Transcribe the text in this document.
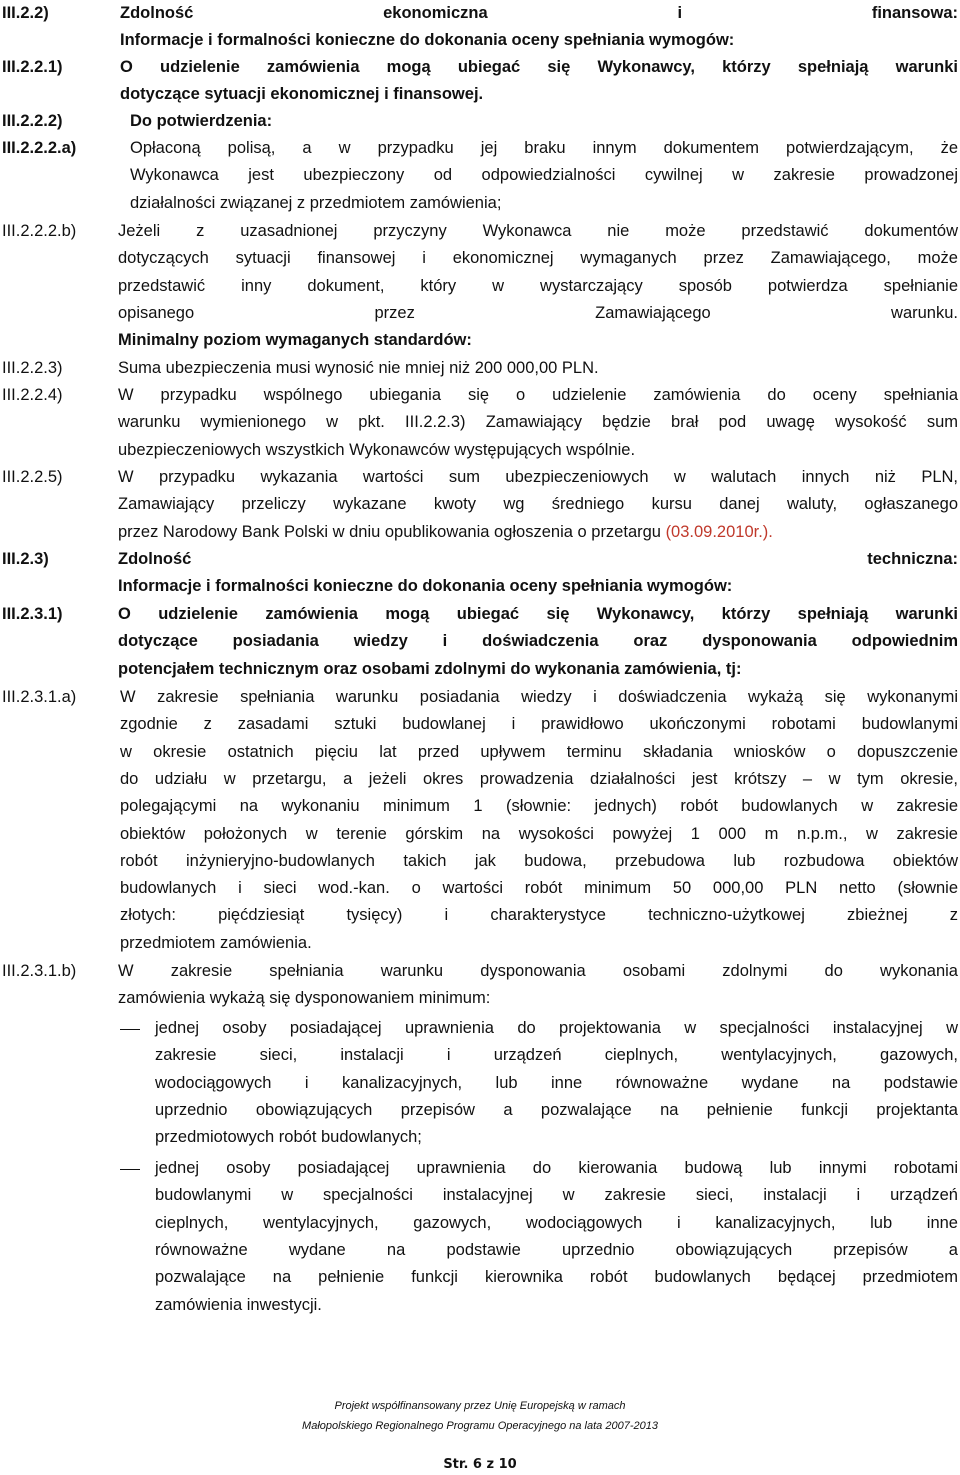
III.2.2)	Zdolność ekonomiczna i finansowa:
Informacje i formalności konieczne do dokonania oceny spełniania wymogów:
III.2.2.1)	O udzielenie zamówienia mogą ubiegać się Wykonawcy, którzy spełniają warunki
dotyczące sytuacji ekonomicznej i finansowej.
III.2.2.2)	Do potwierdzenia:
III.2.2.2.a)	Opłaconą polisą, a w przypadku jej braku innym dokumentem potwierdzającym, że
Wykonawca jest ubezpieczony od odpowiedzialności cywilnej w zakresie prowadzonej
działalności związanej z przedmiotem zamówienia;
III.2.2.2.b)	Jeżeli z uzasadnionej przyczyny Wykonawca nie może przedstawić dokumentów
dotyczących sytuacji finansowej i ekonomicznej wymaganych przez Zamawiającego, może
przedstawić inny dokument, który w wystarczający sposób potwierdza spełnianie
opisanego przez Zamawiającego warunku.
Minimalny poziom wymaganych standardów:
III.2.2.3)	Suma ubezpieczenia musi wynosić nie mniej niż 200 000,00 PLN.
III.2.2.4)	W przypadku wspólnego ubiegania się o udzielenie zamówienia do oceny spełniania
warunku wymienionego w pkt. III.2.2.3) Zamawiający będzie brał pod uwagę wysokość sum
ubezpieczeniowych wszystkich Wykonawców występujących wspólnie.
III.2.2.5)	W przypadku wykazania wartości sum ubezpieczeniowych w walutach innych niż PLN,
Zamawiający przeliczy wykazane kwoty wg średniego kursu danej waluty, ogłaszanego
przez Narodowy Bank Polski w dniu opublikowania ogłoszenia o przetargu (03.09.2010r.).
III.2.3)	Zdolność techniczna:
Informacje i formalności konieczne do dokonania oceny spełniania wymogów:
III.2.3.1)	O udzielenie zamówienia mogą ubiegać się Wykonawcy, którzy spełniają warunki
dotyczące posiadania wiedzy i doświadczenia oraz dysponowania odpowiednim
potencjałem technicznym oraz osobami zdolnymi do wykonania zamówienia, tj:
III.2.3.1.a)	W zakresie spełniania warunku posiadania wiedzy i doświadczenia wykażą się wykonanymi
zgodnie z zasadami sztuki budowlanej i prawidłowo ukończonymi robotami budowlanymi
w okresie ostatnich pięciu lat przed upływem terminu składania wniosków o dopuszczenie
do udziału w przetargu, a jeżeli okres prowadzenia działalności jest krótszy – w tym okresie,
polegającymi na wykonaniu minimum 1 (słownie: jednych) robót budowlanych w zakresie
obiektów położonych w terenie górskim na wysokości powyżej 1 000 m n.p.m., w zakresie
robót inżynieryjno-budowlanych takich jak budowa, przebudowa lub rozbudowa obiektów
budowlanych i sieci wod.-kan. o wartości robót minimum 50 000,00 PLN netto (słownie
złotych: pięćdziesiąt tysięcy) i charakterystyce techniczno-użytkowej zbieżnej z
przedmiotem zamówienia.
III.2.3.1.b)	W zakresie spełniania warunku dysponowania osobami zdolnymi do wykonania
zamówienia wykażą się dysponowaniem minimum:
jednej osoby posiadającej uprawnienia do projektowania w specjalności instalacyjnej w
zakresie sieci, instalacji i urządzeń cieplnych, wentylacyjnych, gazowych,
wodociągowych i kanalizacyjnych, lub inne równoważne wydane na podstawie
uprzednio obowiązujących przepisów a pozwalające na pełnienie funkcji projektanta
przedmiotowych robót budowlanych;
jednej osoby posiadającej uprawnienia do kierowania budową lub innymi robotami
budowlanymi w specjalności instalacyjnej w zakresie sieci, instalacji i urządzeń
cieplnych, wentylacyjnych, gazowych, wodociągowych i kanalizacyjnych, lub inne
równoważne wydane na podstawie uprzednio obowiązujących przepisów a
pozwalające na pełnienie funkcji kierownika robót budowlanych będącej przedmiotem
zamówienia inwestycji.
Projekt współfinansowany przez Unię Europejską w ramach
Małopolskiego Regionalnego Programu Operacyjnego na lata 2007-2013
Str. 6 z 10
